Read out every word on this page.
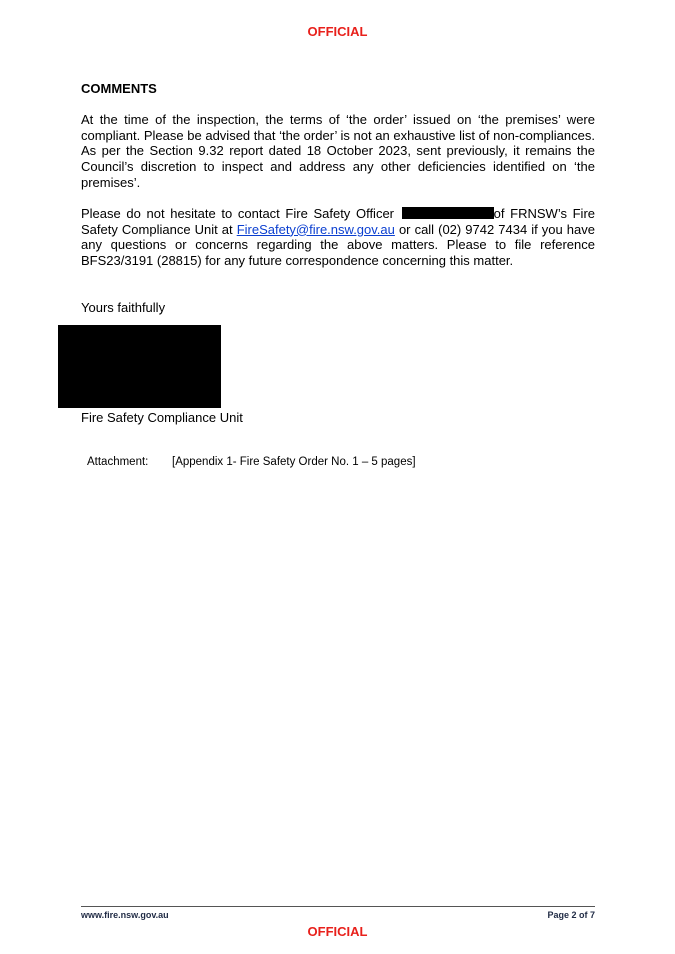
OFFICIAL
COMMENTS

At the time of the inspection, the terms of ‘the order’ issued on ‘the premises’ were compliant. Please be advised that ‘the order’ is not an exhaustive list of non-compliances. As per the Section 9.32 report dated 18 October 2023, sent previously, it remains the Council’s discretion to inspect and address any other deficiencies identified on ‘the premises’.

Please do not hesitate to contact Fire Safety Officer	of FRNSW’s Fire Safety Compliance Unit at FireSafety@fire.nsw.gov.au or call (02) 9742 7434 if you have any questions or concerns regarding the above matters. Please to file reference BFS23/3191 (28815) for any future correspondence concerning this matter.

Yours faithfully
Fire Safety Compliance Unit
Attachment: [Appendix 1- Fire Safety Order No. 1 – 5 pages]
www.fire.nsw.gov.au	Page 2 of 7
OFFICIAL
